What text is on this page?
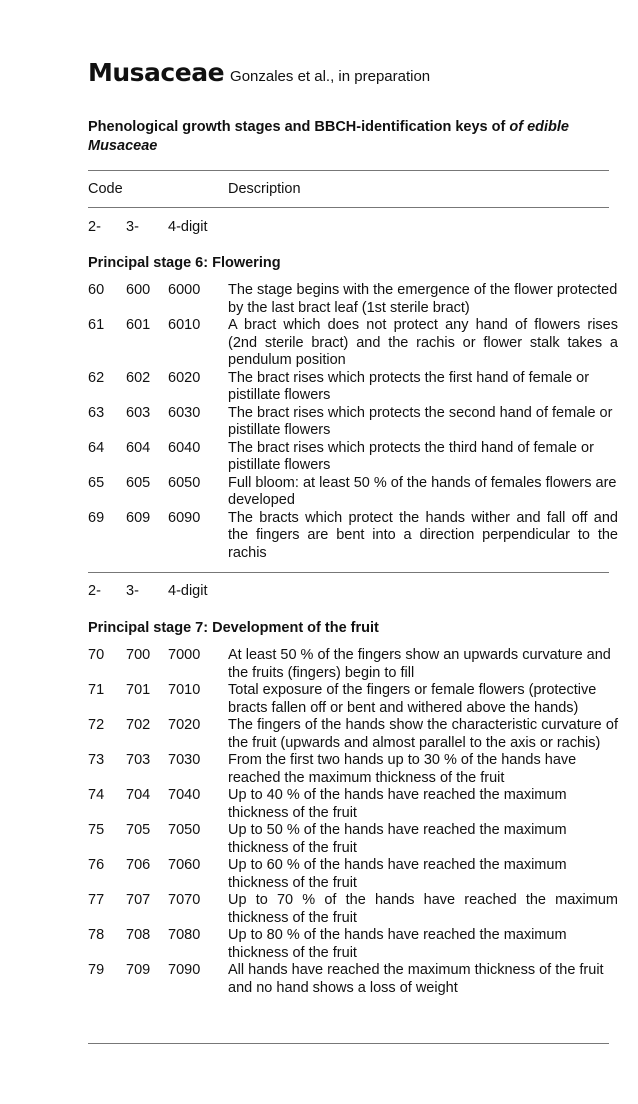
Musaceae Gonzales et al., in preparation
Phenological growth stages and BBCH-identification keys of of edible Musaceae
Code	Description
2- 3- 4-digit
Principal stage 6: Flowering
60 600 6000 The stage begins with the emergence of the flower protected by the last bract leaf (1st sterile bract)
61 601 6010 A bract which does not protect any hand of flowers rises (2nd sterile bract) and the rachis or flower stalk takes a pendulum position
62 602 6020 The bract rises which protects the first hand of female or pistillate flowers
63 603 6030 The bract rises which protects the second hand of female or pistillate flowers
64 604 6040 The bract rises which protects the third hand of female or pistillate flowers
65 605 6050 Full bloom: at least 50 % of the hands of females flowers are developed
69 609 6090 The bracts which protect the hands wither and fall off and the fingers are bent into a direction perpendicular to the rachis
2- 3- 4-digit
Principal stage 7: Development of the fruit
70 700 7000 At least 50 % of the fingers show an upwards curvature and the fruits (fingers) begin to fill
71 701 7010 Total exposure of the fingers or female flowers (protective bracts fallen off or bent and withered above the hands)
72 702 7020 The fingers of the hands show the characteristic curvature of the fruit (upwards and almost parallel to the axis or rachis)
73 703 7030 From the first two hands up to 30 % of the hands have reached the maximum thickness of the fruit
74 704 7040 Up to 40 % of the hands have reached the maximum thickness of the fruit
75 705 7050 Up to 50 % of the hands have reached the maximum thickness of the fruit
76 706 7060 Up to 60 % of the hands have reached the maximum thickness of the fruit
77 707 7070 Up to 70 % of the hands have reached the maximum thickness of the fruit
78 708 7080 Up to 80 % of the hands have reached the maximum thickness of the fruit
79 709 7090 All hands have reached the maximum thickness of the fruit and no hand shows a loss of weight
